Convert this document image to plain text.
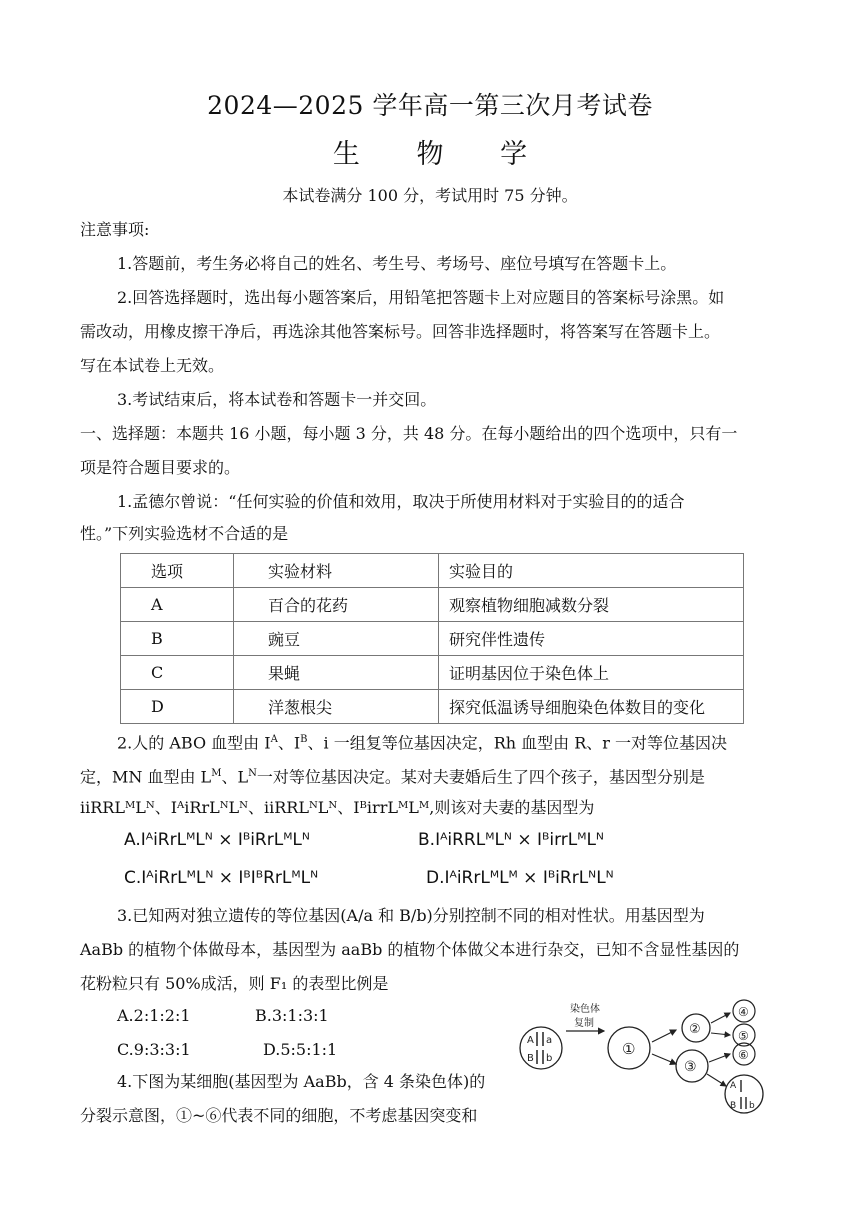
2024—2025 学年高一第三次月考试卷
生 物 学
本试卷满分 100 分，考试用时 75 分钟。
注意事项:
1.答题前，考生务必将自己的姓名、考生号、考场号、座位号填写在答题卡上。
2.回答选择题时，选出每小题答案后，用铅笔把答题卡上对应题目的答案标号涂黑。如
需改动，用橡皮擦干净后，再选涂其他答案标号。回答非选择题时，将答案写在答题卡上。
写在本试卷上无效。
3.考试结束后，将本试卷和答题卡一并交回。
一、选择题：本题共 16 小题，每小题 3 分，共 48 分。在每小题给出的四个选项中，只有一
项是符合题目要求的。
1.孟德尔曾说：“任何实验的价值和效用，取决于所使用材料对于实验目的的适合
性。”下列实验选材不合适的是
选项	实验材料	实验目的
A	百合的花药	观察植物细胞减数分裂
B	豌豆	研究伴性遗传
C	果蝇	证明基因位于染色体上
D	洋葱根尖	探究低温诱导细胞染色体数目的变化
2.人的 ABO 血型由 $I^A$、$I^B$、i 一组复等位基因决定，Rh 血型由 R、r 一对等位基因决
定，MN 血型由 $L^M$、$L^N$一对等位基因决定。某对夫妻婚后生了四个孩子，基因型分别是
iiRRLᴹLᴺ、IᴬiRrLᴺLᴺ、iiRRLᴺLᴺ、IᴮirrLᴹLᴹ,则该对夫妻的基因型为
A.IᴬiRrLᴹLᴺ × IᴮiRrLᴹLᴺ	B.IᴬiRRLᴹLᴺ × IᴮirrLᴹLᴺ
C.IᴬiRrLᴹLᴺ × IᴮIᴮRrLᴹLᴺ	D.IᴬiRrLᴹLᴹ × IᴮiRrLᴺLᴺ
3.已知两对独立遗传的等位基因(A/a 和 B/b)分别控制不同的相对性状。用基因型为
AaBb 的植物个体做母本，基因型为 aaBb 的植物个体做父本进行杂交，已知不含显性基因的
花粉粒只有 50%成活，则 F₁ 的表型比例是
A.2:1:2:1	B.3:1:3:1
C.9:3:3:1	D.5:5:1:1
4.下图为某细胞(基因型为 AaBb，含 4 条染色体)的
分裂示意图，①~⑥代表不同的细胞，不考虑基因突变和
A a
B b
染色体
复制
①
②
③
④
⑤
⑥
A
B b
